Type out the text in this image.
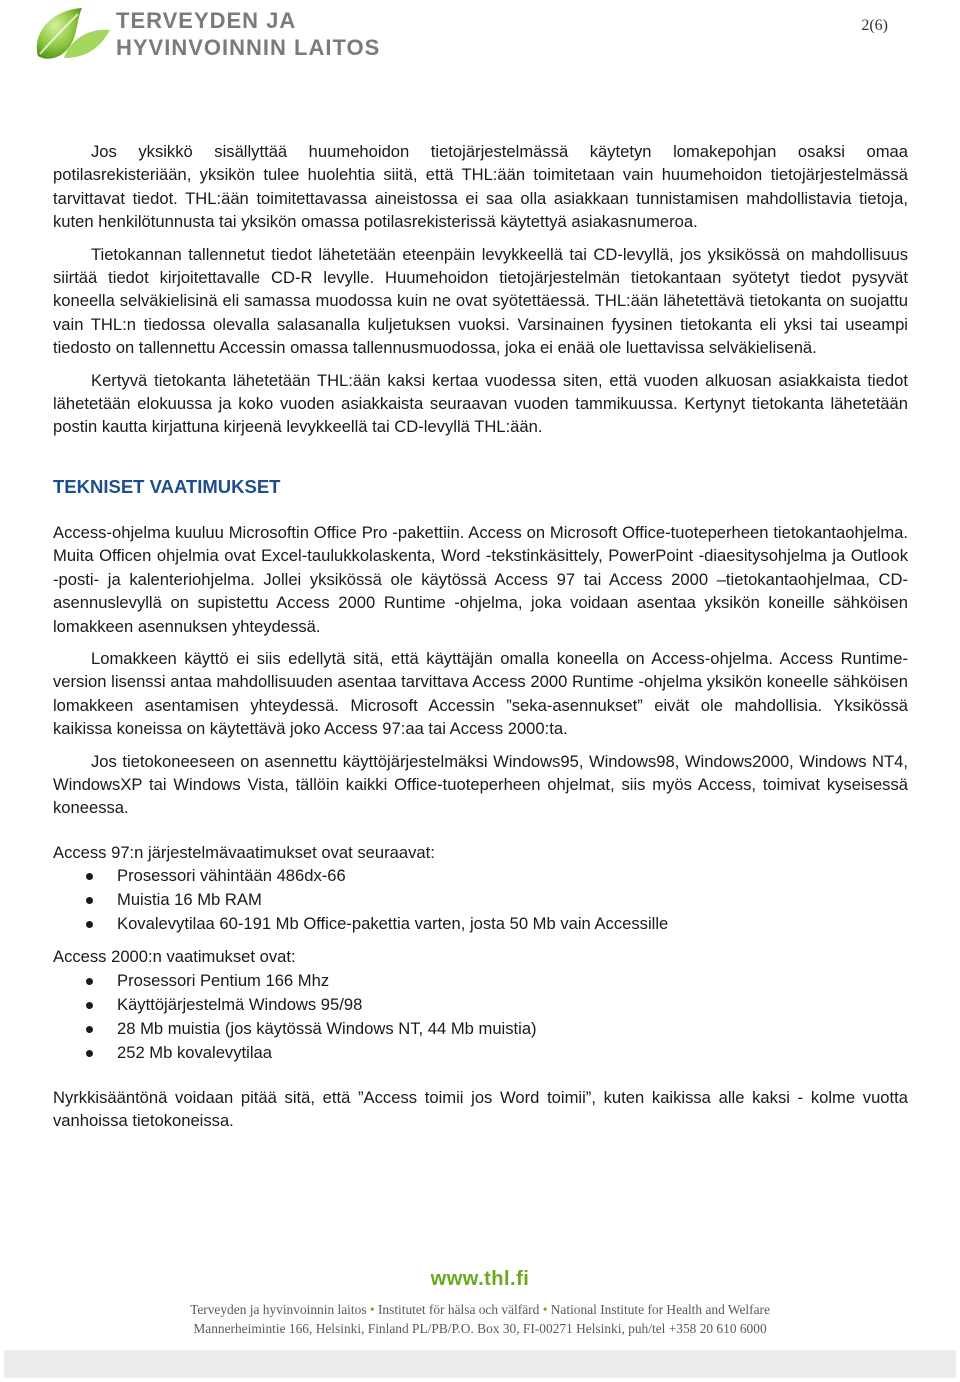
TERVEYDEN JA
HYVINVOINNIN LAITOS
2(6)

Jos yksikkö sisällyttää huumehoidon tietojärjestelmässä käytetyn lomakepohjan osaksi omaa potilasrekisteriään, yksikön tulee huolehtia siitä, että THL:ään toimitetaan vain huumehoidon tietojärjestelmässä tarvittavat tiedot. THL:ään toimitettavassa aineistossa ei saa olla asiakkaan tunnistamisen mahdollistavia tietoja, kuten henkilötunnusta tai yksikön omassa potilasrekisterissä käytettyä asiakasnumeroa.

Tietokannan tallennetut tiedot lähetetään eteenpäin levykkeellä tai CD-levyllä, jos yksikössä on mahdollisuus siirtää tiedot kirjoitettavalle CD-R levylle. Huumehoidon tietojärjestelmän tietokantaan syötetyt tiedot pysyvät koneella selväkielisinä eli samassa muodossa kuin ne ovat syötettäessä. THL:ään lähetettävä tietokanta on suojattu vain THL:n tiedossa olevalla salasanalla kuljetuksen vuoksi. Varsinainen fyysinen tietokanta eli yksi tai useampi tiedosto on tallennettu Accessin omassa tallennusmuodossa, joka ei enää ole luettavissa selväkielisenä.

Kertyvä tietokanta lähetetään THL:ään kaksi kertaa vuodessa siten, että vuoden alkuosan asiakkaista tiedot lähetetään elokuussa ja koko vuoden asiakkaista seuraavan vuoden tammikuussa. Kertynyt tietokanta lähetetään postin kautta kirjattuna kirjeenä levykkeellä tai CD-levyllä THL:ään.

TEKNISET VAATIMUKSET

Access-ohjelma kuuluu Microsoftin Office Pro -pakettiin. Access on Microsoft Office-tuoteperheen tietokantaohjelma. Muita Officen ohjelmia ovat Excel-taulukkolaskenta, Word -tekstinkäsittely, PowerPoint -diaesitysohjelma ja Outlook -posti- ja kalenteriohjelma. Jollei yksikössä ole käytössä Access 97 tai Access 2000 –tietokantaohjelmaa, CD-asennuslevyllä on supistettu Access 2000 Runtime -ohjelma, joka voidaan asentaa yksikön koneille sähköisen lomakkeen asennuksen yhteydessä.

Lomakkeen käyttö ei siis edellytä sitä, että käyttäjän omalla koneella on Access-ohjelma. Access Runtime-version lisenssi antaa mahdollisuuden asentaa tarvittava Access 2000 Runtime -ohjelma yksikön koneelle sähköisen lomakkeen asentamisen yhteydessä. Microsoft Accessin ”seka-asennukset” eivät ole mahdollisia. Yksikössä kaikissa koneissa on käytettävä joko Access 97:aa tai Access 2000:ta.

Jos tietokoneeseen on asennettu käyttöjärjestelmäksi Windows95, Windows98, Windows2000, Windows NT4, WindowsXP tai Windows Vista, tällöin kaikki Office-tuoteperheen ohjelmat, siis myös Access, toimivat kyseisessä koneessa.

Access 97:n järjestelmävaatimukset ovat seuraavat:

Prosessori vähintään 486dx-66
Muistia 16 Mb RAM
Kovalevytilaa 60-191 Mb Office-pakettia varten, josta 50 Mb vain Accessille

Access 2000:n vaatimukset ovat:

Prosessori Pentium 166 Mhz
Käyttöjärjestelmä Windows 95/98
28 Mb muistia (jos käytössä Windows NT, 44 Mb muistia)
252 Mb kovalevytilaa

Nyrkkisääntönä voidaan pitää sitä, että ”Access toimii jos Word toimii”, kuten kaikissa alle kaksi - kolme vuotta vanhoissa tietokoneissa.

www.thl.fi
Terveyden ja hyvinvoinnin laitos • Institutet för hälsa och välfärd • National Institute for Health and Welfare
Mannerheimintie 166, Helsinki, Finland PL/PB/P.O. Box 30, FI-00271 Helsinki, puh/tel +358 20 610 6000
